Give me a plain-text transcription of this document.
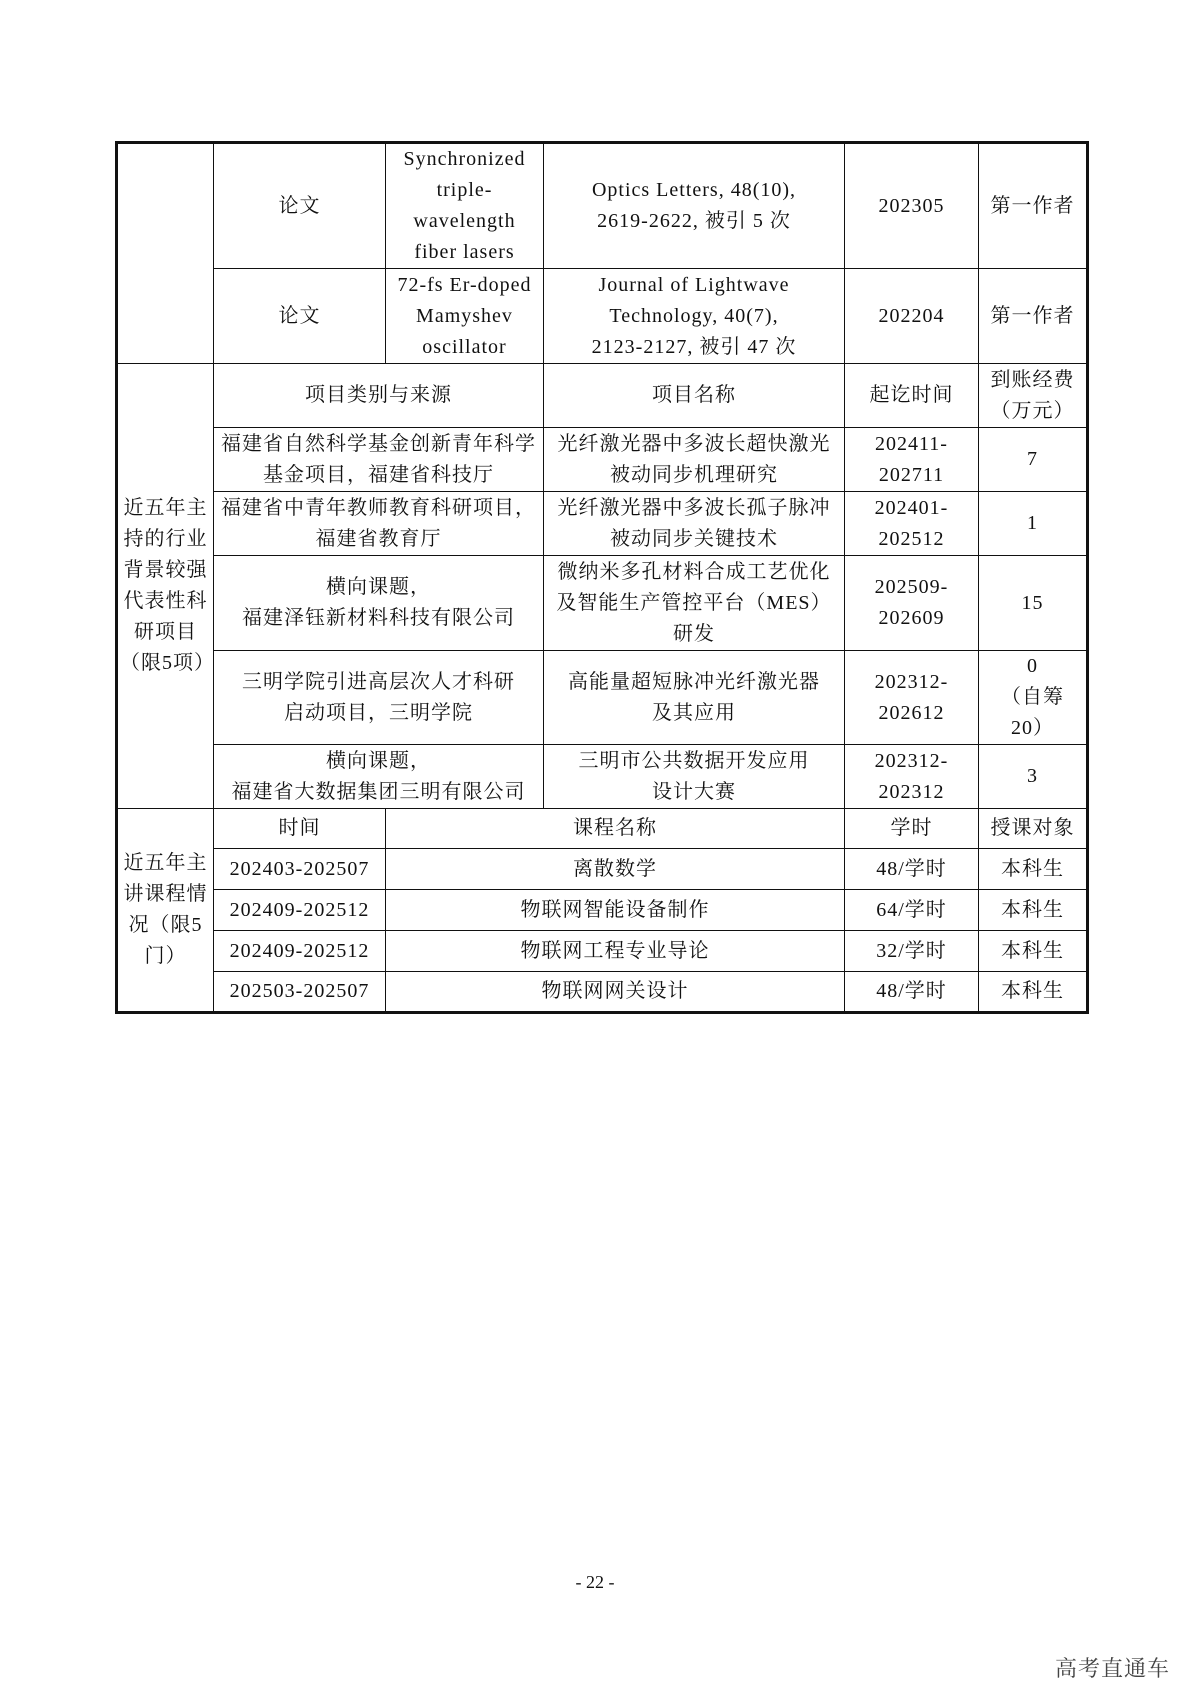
	论文	Synchronized
triple-wavelength
fiber lasers	Optics Letters, 48(10),
2619-2622, 被引 5 次	202305	第一作者
	论文	72-fs Er-doped
Mamyshev oscillator	Journal of Lightwave
Technology, 40(7),
2123-2127, 被引 47 次	202204	第一作者
近五年主持的行业背景较强代表性科研项目（限5项）	项目类别与来源		项目名称	起讫时间	到账经费
（万元）
	福建省自然科学基金创新青年科学
基金项目，福建省科技厅		光纤激光器中多波长超快激光
被动同步机理研究	202411-202711	7
	福建省中青年教师教育科研项目，
福建省教育厅		光纤激光器中多波长孤子脉冲
被动同步关键技术	202401-202512	1
	横向课题，
福建泽钰新材料科技有限公司		微纳米多孔材料合成工艺优化
及智能生产管控平台（MES）
研发	202509-202609	15
	三明学院引进高层次人才科研
启动项目，三明学院		高能量超短脉冲光纤激光器
及其应用	202312-202612	0
（自筹20）
	横向课题，
福建省大数据集团三明有限公司		三明市公共数据开发应用
设计大赛	202312-202312	3
近五年主讲课程情况（限5门）	时间	课程名称		学时	授课对象
	202403-202507	离散数学		48/学时	本科生
	202409-202512	物联网智能设备制作		64/学时	本科生
	202409-202512	物联网工程专业导论		32/学时	本科生
	202503-202507	物联网网关设计		48/学时	本科生
- 22 -
高考直通车
